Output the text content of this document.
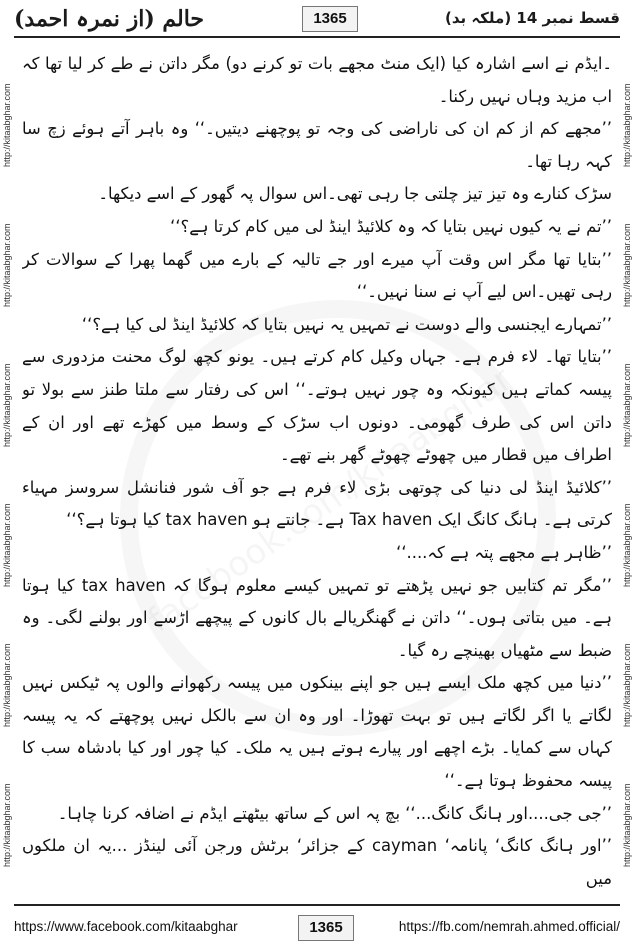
حالم (از نمرہ احمد)	1365	قسط نمبر 14 (ملکہ بد)
http://kitaabghar.com
http://kitaabghar.com
http://kitaabghar.com
http://kitaabghar.com
http://kitaabghar.com
http://kitaabghar.com
http://kitaabghar.com
http://kitaabghar.com
http://kitaabghar.com
http://kitaabghar.com
http://kitaabghar.com
http://kitaabghar.com

۔ایڈم نے اسے اشارہ کیا (ایک منٹ مجھے بات تو کرنے دو) مگر داتن نے طے کر لیا تھا کہ اب مزید وہاں نہیں رکنا۔

’’مجھے کم از کم ان کی ناراضی کی وجہ تو پوچھنے دیتیں۔‘‘ وہ باہر آتے ہوئے زچ سا کہہ رہا تھا۔

سڑک کنارے وہ تیز تیز چلتی جا رہی تھی۔اس سوال پہ گھور کے اسے دیکھا۔

’’تم نے یہ کیوں نہیں بتایا کہ وہ کلائیڈ اینڈ لی میں کام کرتا ہے؟‘‘

’’بتایا تھا مگر اس وقت آپ میرے اور جے تالیہ کے بارے میں گھما پھرا کے سوالات کر رہی تھیں۔اس لیے آپ نے سنا نہیں۔‘‘

’’تمہارے ایجنسی والے دوست نے تمہیں یہ نہیں بتایا کہ کلائیڈ اینڈ لی کیا ہے؟‘‘

’’بتایا تھا۔ لاء فرم ہے۔ جہاں وکیل کام کرتے ہیں۔ یونو کچھ لوگ محنت مزدوری سے پیسہ کماتے ہیں کیونکہ وہ چور نہیں ہوتے۔‘‘ اس کی رفتار سے ملتا طنز سے بولا تو داتن اس کی طرف گھومی۔ دونوں اب سڑک کے وسط میں کھڑے تھے اور ان کے اطراف میں قطار میں چھوٹے چھوٹے گھر بنے تھے۔

’’کلائیڈ اینڈ لی دنیا کی چوتھی بڑی لاء فرم ہے جو آف شور فنانشل سروسز مہیاء کرتی ہے۔ ہانگ کانگ ایک Tax haven ہے۔ جانتے ہو tax haven کیا ہوتا ہے؟‘‘

’’ظاہر ہے مجھے پتہ ہے کہ....‘‘

’’مگر تم کتابیں جو نہیں پڑھتے تو تمہیں کیسے معلوم ہوگا کہ tax haven کیا ہوتا ہے۔ میں بتاتی ہوں۔‘‘ داتن نے گھنگریالے بال کانوں کے پیچھے اڑسے اور بولنے لگی۔ وہ ضبط سے مٹھیاں بھینچے رہ گیا۔

’’دنیا میں کچھ ملک ایسے ہیں جو اپنے بینکوں میں پیسہ رکھوانے والوں پہ ٹیکس نہیں لگاتے یا اگر لگاتے ہیں تو بہت تھوڑا۔ اور وہ ان سے بالکل نہیں پوچھتے کہ یہ پیسہ کہاں سے کمایا۔ بڑے اچھے اور پیارے ہوتے ہیں یہ ملک۔ کیا چور اور کیا بادشاہ سب کا پیسہ محفوظ ہوتا ہے۔‘‘

’’جی جی....اور ہانگ کانگ...‘‘ بچ پہ اس کے ساتھ بیٹھتے ایڈم نے اضافہ کرنا چاہا۔

’’اور ہانگ کانگ‘ پانامہ‘ cayman کے جزائر‘ برٹش ورجن آئی لینڈز ...یہ ان ملکوں میں

https://www.facebook.com/kitaabghar	1365	https://fb.com/nemrah.ahmed.official/
